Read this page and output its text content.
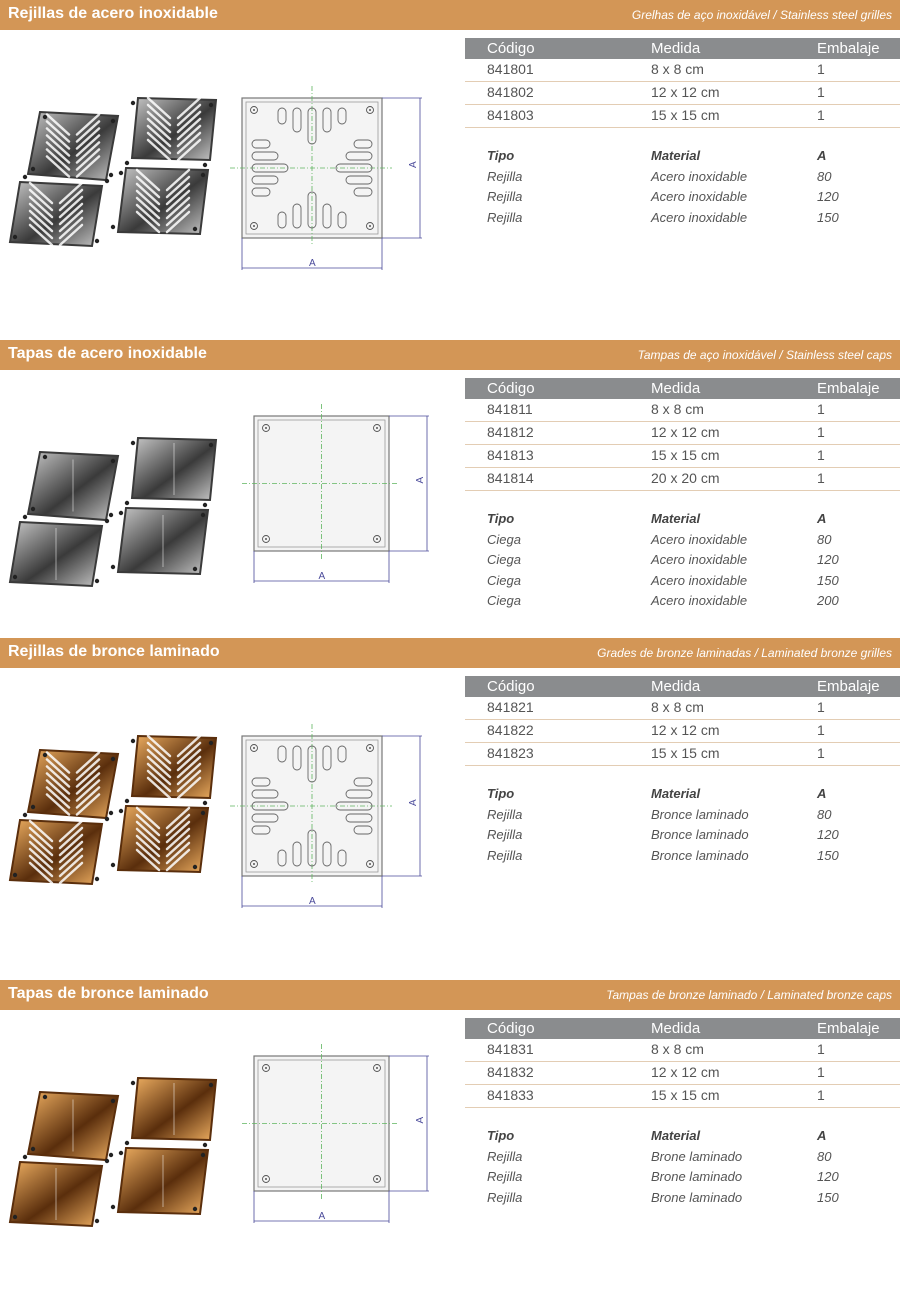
Rejillas de acero inoxidable	Grelhas de aço inoxidável / Stainless steel grilles
A
A
Código	Medida	Embalaje
841801	8 x 8 cm	1
841802	12 x 12 cm	1
841803	15 x 15 cm	1
Tipo	Material	A
Rejilla	Acero inoxidable	80
Rejilla	Acero inoxidable	120
Rejilla	Acero inoxidable	150
Tapas de acero inoxidable	Tampas de aço inoxidável / Stainless steel caps
A
A
Código	Medida	Embalaje
841811	8 x 8 cm	1
841812	12 x 12 cm	1
841813	15 x 15 cm	1
841814	20 x 20 cm	1
Tipo	Material	A
Ciega	Acero inoxidable	80
Ciega	Acero inoxidable	120
Ciega	Acero inoxidable	150
Ciega	Acero inoxidable	200
Rejillas de bronce laminado	Grades de bronze laminadas / Laminated bronze grilles
A
A
Código	Medida	Embalaje
841821	8 x 8 cm	1
841822	12 x 12 cm	1
841823	15 x 15 cm	1
Tipo	Material	A
Rejilla	Bronce laminado	80
Rejilla	Bronce laminado	120
Rejilla	Bronce laminado	150
Tapas de bronce laminado	Tampas de bronze laminado / Laminated bronze caps
A
A
Código	Medida	Embalaje
841831	8 x 8 cm	1
841832	12 x 12 cm	1
841833	15 x 15 cm	1
Tipo	Material	A
Rejilla	Brone laminado	80
Rejilla	Brone laminado	120
Rejilla	Brone laminado	150
